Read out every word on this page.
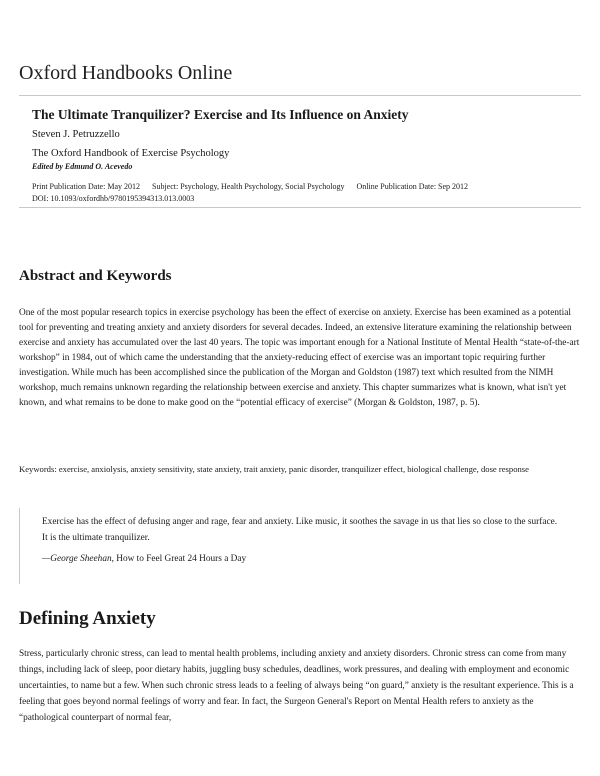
Oxford Handbooks Online
The Ultimate Tranquilizer? Exercise and Its Influence on Anxiety
Steven J. Petruzzello
The Oxford Handbook of Exercise Psychology
Edited by Edmund O. Acevedo
Print Publication Date: May 2012 Subject: Psychology, Health Psychology, Social Psychology Online Publication Date: Sep 2012
DOI: 10.1093/oxfordhb/9780195394313.013.0003
Abstract and Keywords

One of the most popular research topics in exercise psychology has been the effect of exercise on anxiety. Exercise has been examined as a potential tool for preventing and treating anxiety and anxiety disorders for several decades. Indeed, an extensive literature examining the relationship between exercise and anxiety has accumulated over the last 40 years. The topic was important enough for a National Institute of Mental Health “state-of-the-art workshop” in 1984, out of which came the understanding that the anxiety-reducing effect of exercise was an important topic requiring further investigation. While much has been accomplished since the publication of the Morgan and Goldston (1987) text which resulted from the NIMH workshop, much remains unknown regarding the relationship between exercise and anxiety. This chapter summarizes what is known, what isn't yet known, and what remains to be done to make good on the “potential efficacy of exercise” (Morgan & Goldston, 1987, p. 5).

Keywords: exercise, anxiolysis, anxiety sensitivity, state anxiety, trait anxiety, panic disorder, tranquilizer effect, biological challenge, dose response

Exercise has the effect of defusing anger and rage, fear and anxiety. Like music, it soothes the savage in us that lies so close to the surface. It is the ultimate tranquilizer.

—George Sheehan, How to Feel Great 24 Hours a Day
Defining Anxiety

Stress, particularly chronic stress, can lead to mental health problems, including anxiety and anxiety disorders. Chronic stress can come from many things, including lack of sleep, poor dietary habits, juggling busy schedules, deadlines, work pressures, and dealing with employment and economic uncertainties, to name but a few. When such chronic stress leads to a feeling of always being “on guard,” anxiety is the resultant experience. This is a feeling that goes beyond normal feelings of worry and fear. In fact, the Surgeon General's Report on Mental Health refers to anxiety as the “pathological counterpart of normal fear,
